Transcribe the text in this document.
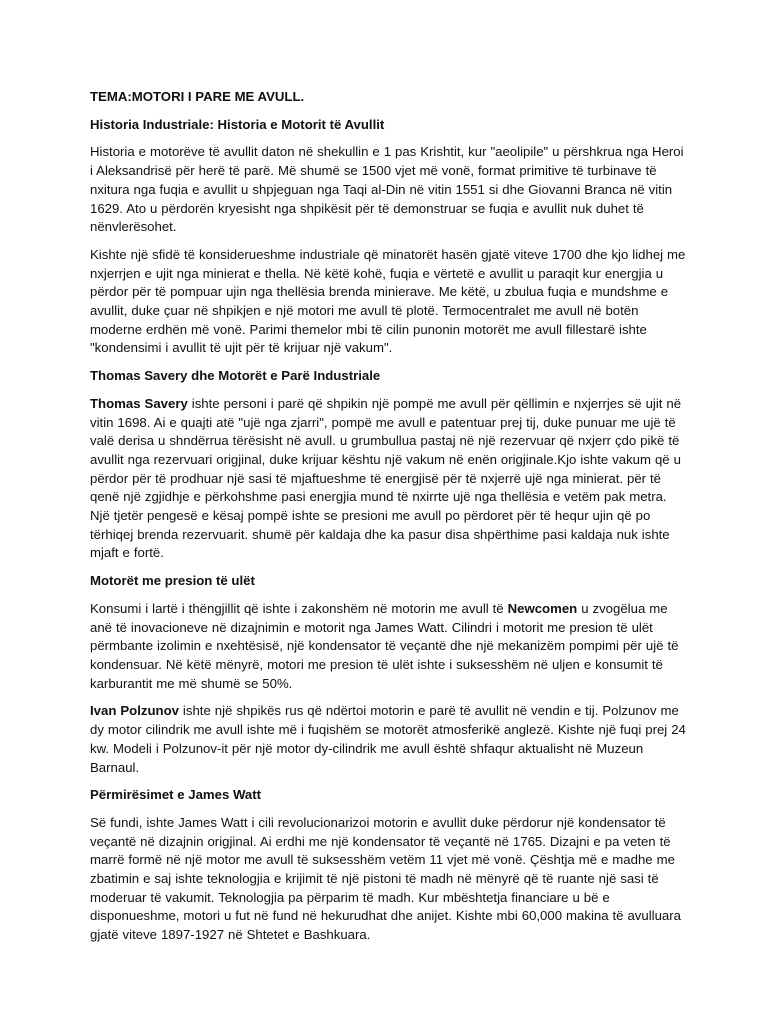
TEMA:MOTORI I PARE ME AVULL.

Historia Industriale: Historia e Motorit të Avullit

Historia e motorëve të avullit daton në shekullin e 1 pas Krishtit, kur "aeolipile" u përshkrua nga Heroi i Aleksandrisë për herë të parë. Më shumë se 1500 vjet më vonë, format primitive të turbinave të nxitura nga fuqia e avullit u shpjeguan nga Taqi al-Din në vitin 1551 si dhe Giovanni Branca në vitin 1629. Ato u përdorën kryesisht nga shpikësit për të demonstruar se fuqia e avullit nuk duhet të nënvlerësohet.

Kishte një sfidë të konsiderueshme industriale që minatorët hasën gjatë viteve 1700 dhe kjo lidhej me nxjerrjen e ujit nga minierat e thella. Në këtë kohë, fuqia e vërtetë e avullit u paraqit kur energjia u përdor për të pompuar ujin nga thellësia brenda minierave. Me këtë, u zbulua fuqia e mundshme e avullit, duke çuar në shpikjen e një motori me avull të plotë. Termocentralet me avull në botën moderne erdhën më vonë. Parimi themelor mbi të cilin punonin motorët me avull fillestarë ishte "kondensimi i avullit të ujit për të krijuar një vakum".

Thomas Savery dhe Motorët e Parë Industriale

Thomas Savery ishte personi i parë që shpikin një pompë me avull për qëllimin e nxjerrjes së ujit në vitin 1698. Ai e quajti atë "ujë nga zjarri", pompë me avull e patentuar prej tij, duke punuar me ujë të valë derisa u shndërrua tërësisht në avull. u grumbullua pastaj në një rezervuar që nxjerr çdo pikë të avullit nga rezervuari origjinal, duke krijuar kështu një vakum në enën origjinale.Kjo ishte vakum që u përdor për të prodhuar një sasi të mjaftueshme të energjisë për të nxjerrë ujë nga minierat. për të qenë një zgjidhje e përkohshme pasi energjia mund të nxirrte ujë nga thellësia e vetëm pak metra. Një tjetër pengesë e kësaj pompë ishte se presioni me avull po përdoret për të hequr ujin që po tërhiqej brenda rezervuarit. shumë për kaldaja dhe ka pasur disa shpërthime pasi kaldaja nuk ishte mjaft e fortë.

Motorët me presion të ulët

Konsumi i lartë i thëngjillit që ishte i zakonshëm në motorin me avull të Newcomen u zvogëlua me anë të inovacioneve në dizajnimin e motorit nga James Watt. Cilindri i motorit me presion të ulët përmbante izolimin e nxehtësisë, një kondensator të veçantë dhe një mekanizëm pompimi për ujë të kondensuar. Në këtë mënyrë, motori me presion të ulët ishte i suksesshëm në uljen e konsumit të karburantit me më shumë se 50%.

Ivan Polzunov ishte një shpikës rus që ndërtoi motorin e parë të avullit në vendin e tij. Polzunov me dy motor cilindrik me avull ishte më i fuqishëm se motorët atmosferikë anglezë. Kishte një fuqi prej 24 kw. Modeli i Polzunov-it për një motor dy-cilindrik me avull është shfaqur aktualisht në Muzeun Barnaul.

Përmirësimet e James Watt

Së fundi, ishte James Watt i cili revolucionarizoi motorin e avullit duke përdorur një kondensator të veçantë në dizajnin origjinal. Ai erdhi me një kondensator të veçantë në 1765. Dizajni e pa veten të marrë formë në një motor me avull të suksesshëm vetëm 11 vjet më vonë. Çështja më e madhe me zbatimin e saj ishte teknologjia e krijimit të një pistoni të madh në mënyrë që të ruante një sasi të moderuar të vakumit. Teknologjia pa përparim të madh. Kur mbështetja financiare u bë e disponueshme, motori u fut në fund në hekurudhat dhe anijet. Kishte mbi 60,000 makina të avulluara gjatë viteve 1897-1927 në Shtetet e Bashkuara.
